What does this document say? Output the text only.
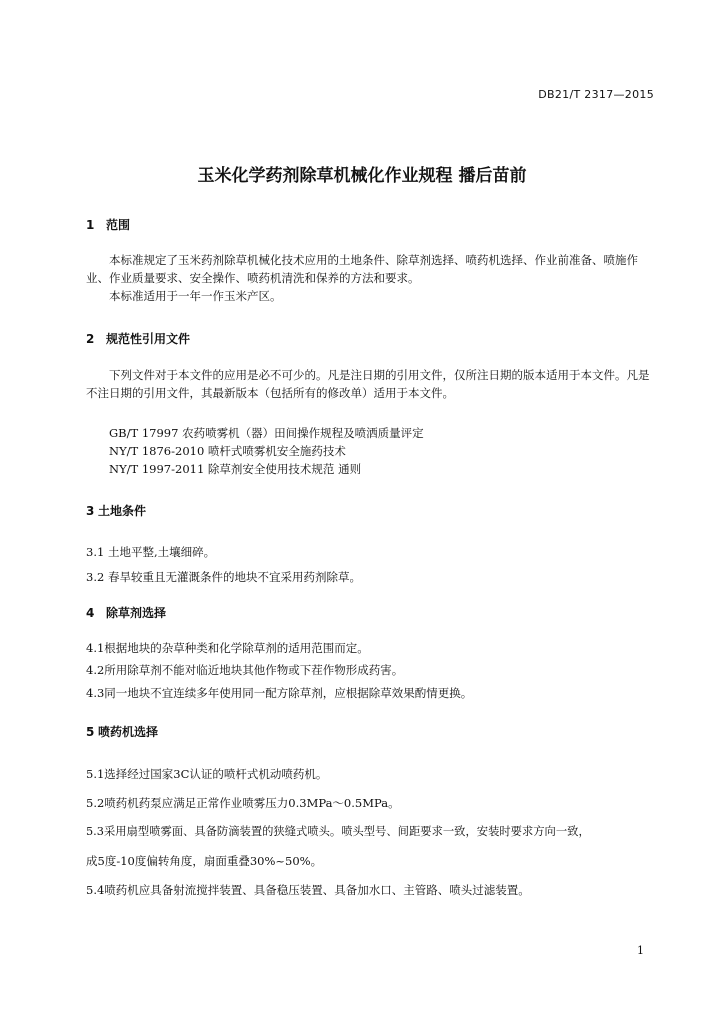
DB21/T 2317—2015
玉米化学药剂除草机械化作业规程 播后苗前
1 范围
本标准规定了玉米药剂除草机械化技术应用的土地条件、除草剂选择、喷药机选择、作业前准备、喷施作业、作业质量要求、安全操作、喷药机清洗和保养的方法和要求。
本标准适用于一年一作玉米产区。
2 规范性引用文件
下列文件对于本文件的应用是必不可少的。凡是注日期的引用文件，仅所注日期的版本适用于本文件。凡是不注日期的引用文件，其最新版本（包括所有的修改单）适用于本文件。
GB/T 17997 农药喷雾机（器）田间操作规程及喷洒质量评定
NY/T 1876-2010 喷杆式喷雾机安全施药技术
NY/T 1997-2011 除草剂安全使用技术规范 通则
3 土地条件
3.1 土地平整,土壤细碎。
3.2 春旱较重且无灌溉条件的地块不宜采用药剂除草。
4 除草剂选择
4.1根据地块的杂草种类和化学除草剂的适用范围而定。
4.2所用除草剂不能对临近地块其他作物或下茬作物形成药害。
4.3同一地块不宜连续多年使用同一配方除草剂，应根据除草效果酌情更换。
5 喷药机选择
5.1选择经过国家3C认证的喷杆式机动喷药机。
5.2喷药机药泵应满足正常作业喷雾压力0.3MPa～0.5MPa。
5.3采用扇型喷雾面、具备防滴装置的狭缝式喷头。喷头型号、间距要求一致，安装时要求方向一致，
成5度-10度偏转角度，扇面重叠30%~50%。
5.4喷药机应具备射流搅拌装置、具备稳压装置、具备加水口、主管路、喷头过滤装置。
1
